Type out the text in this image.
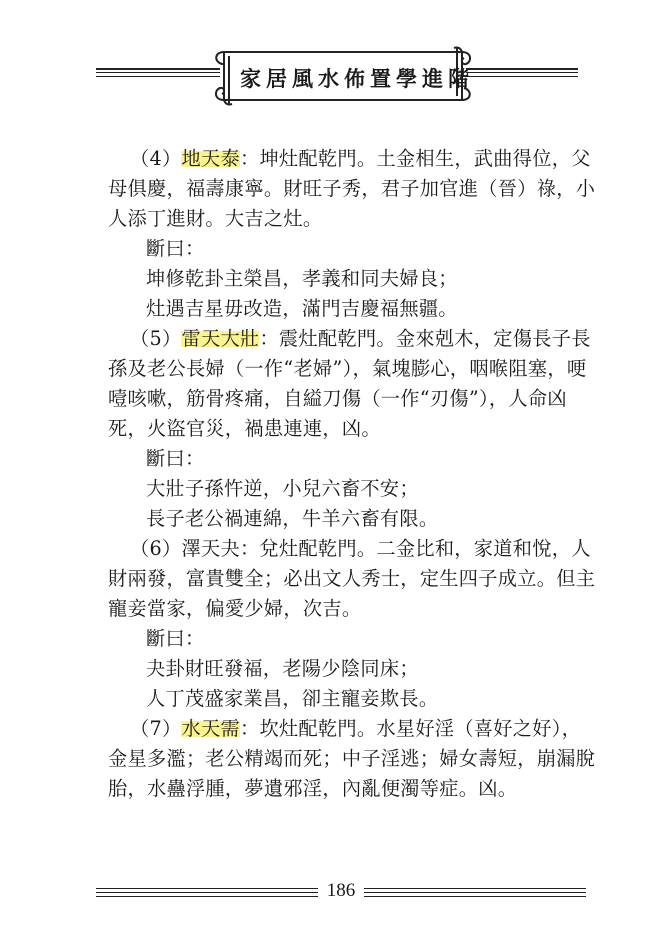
家居風水佈置學進階
（4）地天泰：坤灶配乾門。土金相生，武曲得位，父
母俱慶，福壽康寧。財旺子秀，君子加官進（晉）祿，小
人添丁進財。大吉之灶。
斷曰：
坤修乾卦主榮昌，孝義和同夫婦良；
灶遇吉星毋改造，滿門吉慶福無疆。
（5）雷天大壯：震灶配乾門。金來剋木，定傷長子長
孫及老公長婦（一作“老婦”），氣塊膨心，咽喉阻塞，哽
噎咳嗽，筋骨疼痛，自縊刀傷（一作“刃傷”），人命凶
死，火盜官災，禍患連連，凶。
斷曰：
大壯子孫忤逆，小兒六畜不安；
長子老公禍連綿，牛羊六畜有限。
（6）澤天夬：兌灶配乾門。二金比和，家道和悅，人
財兩發，富貴雙全；必出文人秀士，定生四子成立。但主
寵妾當家，偏愛少婦，次吉。
斷曰：
夬卦財旺發福，老陽少陰同床；
人丁茂盛家業昌，卻主寵妾欺長。
（7）水天需：坎灶配乾門。水星好淫（喜好之好），
金星多濫；老公精竭而死；中子淫逃；婦女壽短，崩漏脫
胎，水蠱浮腫，夢遺邪淫，內亂便濁等症。凶。
186
